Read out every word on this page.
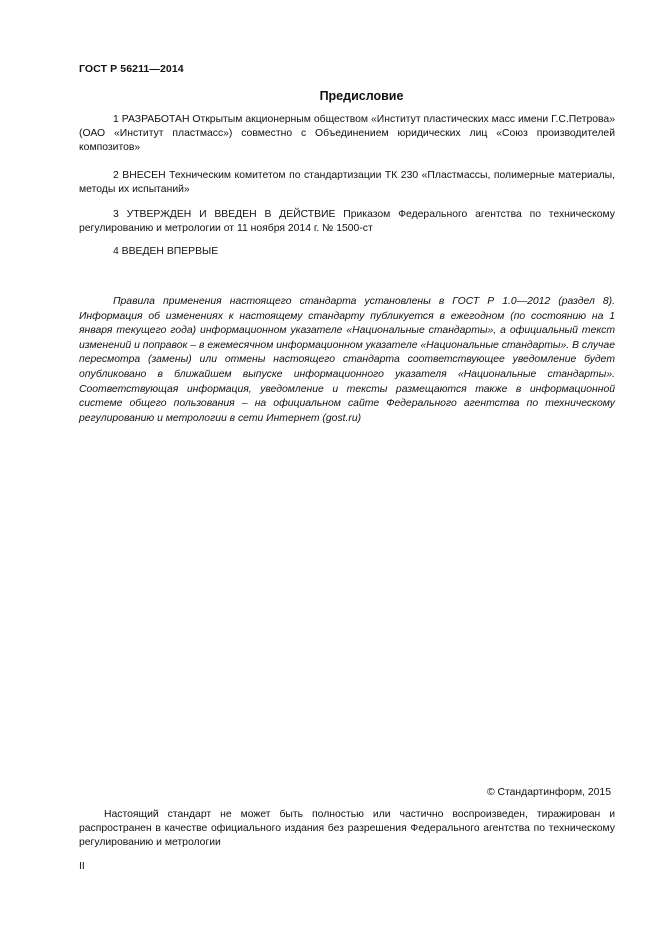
ГОСТ Р 56211—2014
Предисловие

1 РАЗРАБОТАН Открытым акционерным обществом «Институт пластических масс имени Г.С.Петрова» (ОАО «Институт пластмасс») совместно с Объединением юридических лиц «Союз производителей композитов»

2 ВНЕСЕН Техническим комитетом по стандартизации ТК 230 «Пластмассы, полимерные материалы, методы их испытаний»

3 УТВЕРЖДЕН И ВВЕДЕН В ДЕЙСТВИЕ Приказом Федерального агентства по техническому регулированию и метрологии от 11 ноября 2014 г. № 1500-ст

4 ВВЕДЕН ВПЕРВЫЕ

Правила применения настоящего стандарта установлены в ГОСТ Р 1.0—2012 (раздел 8). Информация об изменениях к настоящему стандарту публикуется в ежегодном (по состоянию на 1 января текущего года) информационном указателе «Национальные стандарты», а официальный текст изменений и поправок – в ежемесячном информационном указателе «Национальные стандарты». В случае пересмотра (замены) или отмены настоящего стандарта соответствующее уведомление будет опубликовано в ближайшем выпуске информационного указателя «Национальные стандарты». Соответствующая информация, уведомление и тексты размещаются также в информационной системе общего пользования – на официальном сайте Федерального агентства по техническому регулированию и метрологии в сети Интернет (gost.ru)

© Стандартинформ, 2015

Настоящий стандарт не может быть полностью или частично воспроизведен, тиражирован и распространен в качестве официального издания без разрешения Федерального агентства по техническому регулированию и метрологии

II
